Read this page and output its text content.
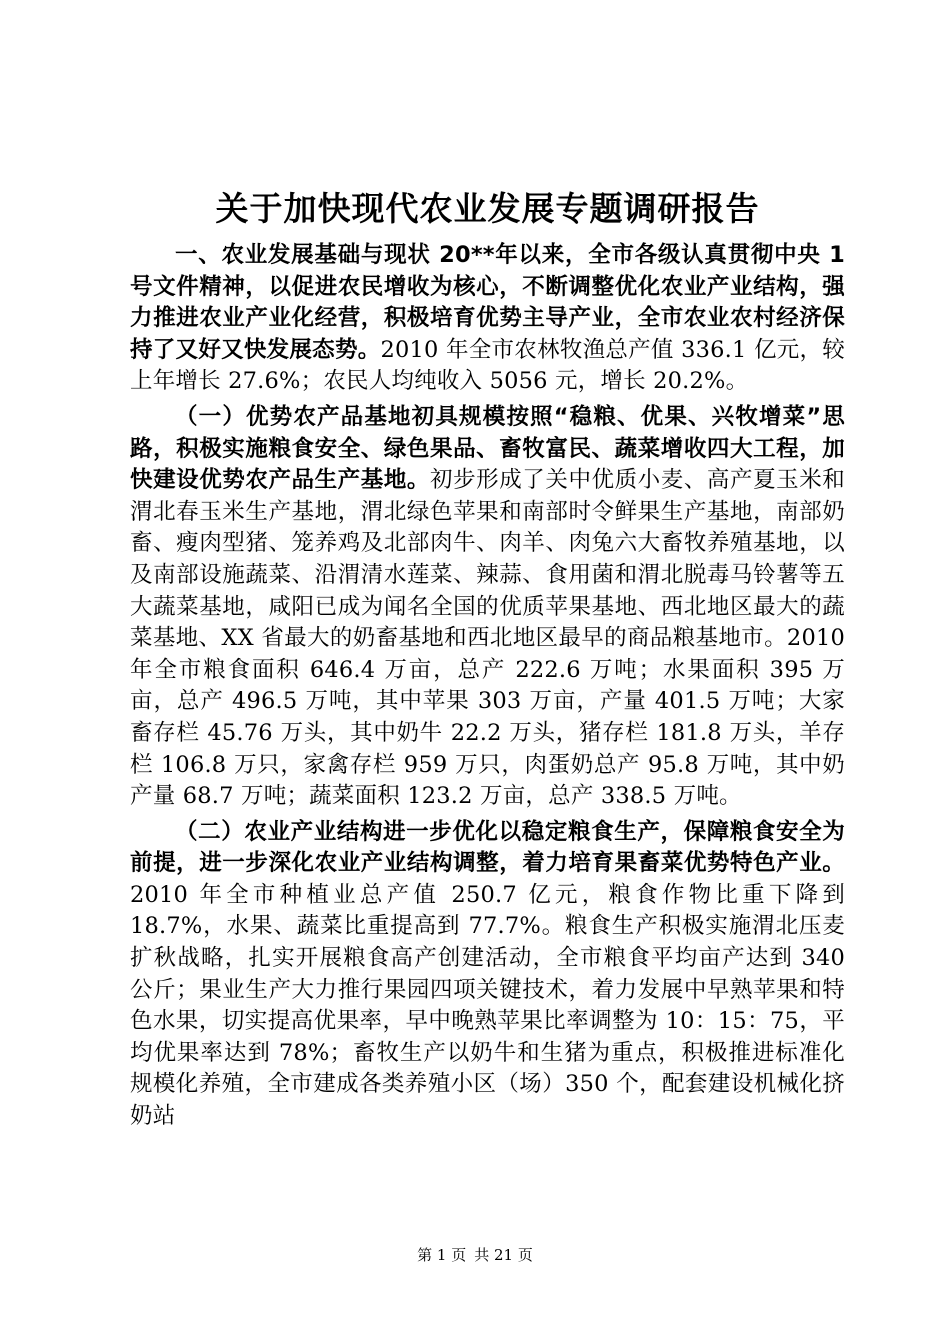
关于加快现代农业发展专题调研报告

一、农业发展基础与现状 20**年以来，全市各级认真贯彻中央 1 号文件精神，以促进农民增收为核心，不断调整优化农业产业结构，强力推进农业产业化经营，积极培育优势主导产业，全市农业农村经济保持了又好又快发展态势。2010 年全市农林牧渔总产值 336.1 亿元，较上年增长 27.6%；农民人均纯收入 5056 元，增长 20.2%。

（一）优势农产品基地初具规模按照“稳粮、优果、兴牧增菜”思路，积极实施粮食安全、绿色果品、畜牧富民、蔬菜增收四大工程，加快建设优势农产品生产基地。初步形成了关中优质小麦、高产夏玉米和渭北春玉米生产基地，渭北绿色苹果和南部时令鲜果生产基地，南部奶畜、瘦肉型猪、笼养鸡及北部肉牛、肉羊、肉兔六大畜牧养殖基地，以及南部设施蔬菜、沿渭清水莲菜、辣蒜、食用菌和渭北脱毒马铃薯等五大蔬菜基地，咸阳已成为闻名全国的优质苹果基地、西北地区最大的蔬菜基地、XX 省最大的奶畜基地和西北地区最早的商品粮基地市。2010 年全市粮食面积 646.4 万亩，总产 222.6 万吨；水果面积 395 万亩，总产 496.5 万吨，其中苹果 303 万亩，产量 401.5 万吨；大家畜存栏 45.76 万头，其中奶牛 22.2 万头，猪存栏 181.8 万头，羊存栏 106.8 万只，家禽存栏 959 万只，肉蛋奶总产 95.8 万吨，其中奶产量 68.7 万吨；蔬菜面积 123.2 万亩，总产 338.5 万吨。

（二）农业产业结构进一步优化以稳定粮食生产，保障粮食安全为前提，进一步深化农业产业结构调整，着力培育果畜菜优势特色产业。2010 年全市种植业总产值 250.7 亿元，粮食作物比重下降到 18.7%，水果、蔬菜比重提高到 77.7%。粮食生产积极实施渭北压麦扩秋战略，扎实开展粮食高产创建活动，全市粮食平均亩产达到 340 公斤；果业生产大力推行果园四项关键技术，着力发展中早熟苹果和特色水果，切实提高优果率，早中晚熟苹果比率调整为 10：15：75，平均优果率达到 78%；畜牧生产以奶牛和生猪为重点，积极推进标准化规模化养殖，全市建成各类养殖小区（场）350 个，配套建设机械化挤奶站

第 1 页 共 21 页
